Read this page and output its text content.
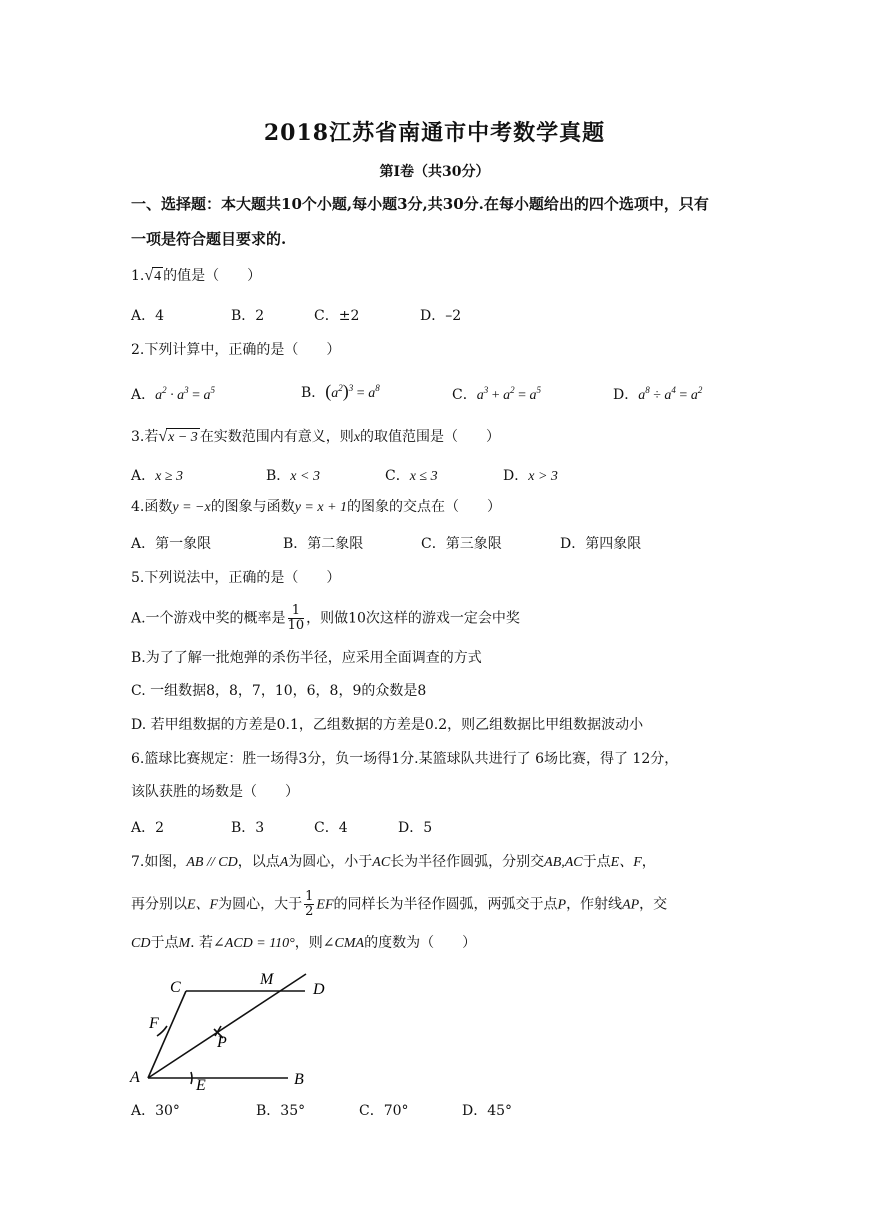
2018江苏省南通市中考数学真题
第Ⅰ卷（共30分）
一、选择题：本大题共10个小题,每小题3分,共30分.在每小题给出的四个选项中，只有
一项是符合题目要求的.
1.√4 的值是（　　）
A．4	B．2	C．±2	D．–2
2.下列计算中，正确的是（　　）
A．$a^2 \cdot a^3 = a^5$	B．$(a^2)^3 = a^8$	C．$a^3 + a^2 = a^5$	D．$a^8 \div a^4 = a^2$
3.若√x − 3 在实数范围内有意义，则x的取值范围是（　　）
A．x ≥ 3	B．x < 3	C．x ≤ 3	D．x > 3
4.函数y = −x的图象与函数y = x + 1的图象的交点在（　　）
A．第一象限	B．第二象限	C．第三象限	D．第四象限
5.下列说法中，正确的是（　　）
A.一个游戏中奖的概率是 $\frac{1}{10}$ ，则做10次这样的游戏一定会中奖
B.为了了解一批炮弹的杀伤半径，应采用全面调查的方式
C. 一组数据8，8，7，10，6，8，9的众数是8
D. 若甲组数据的方差是0.1，乙组数据的方差是0.2，则乙组数据比甲组数据波动小
6.篮球比赛规定：胜一场得3分，负一场得1分.某篮球队共进行了 6场比赛，得了 12分，
该队获胜的场数是（　　）
A．2	B．3	C．4	D．5
7.如图，AB // CD，以点A为圆心，小于AC长为半径作圆弧，分别交AB,AC于点E、F，
再分别以E、F为圆心，大于 $\frac{1}{2}$ EF的同样长为半径作圆弧，两弧交于点P，作射线AP，交
CD于点M. 若∠ACD = 110°，则∠CMA的度数为（　　）
C	M
D
F
P
A	E	B
A．30°	B．35°	C．70°	D．45°
